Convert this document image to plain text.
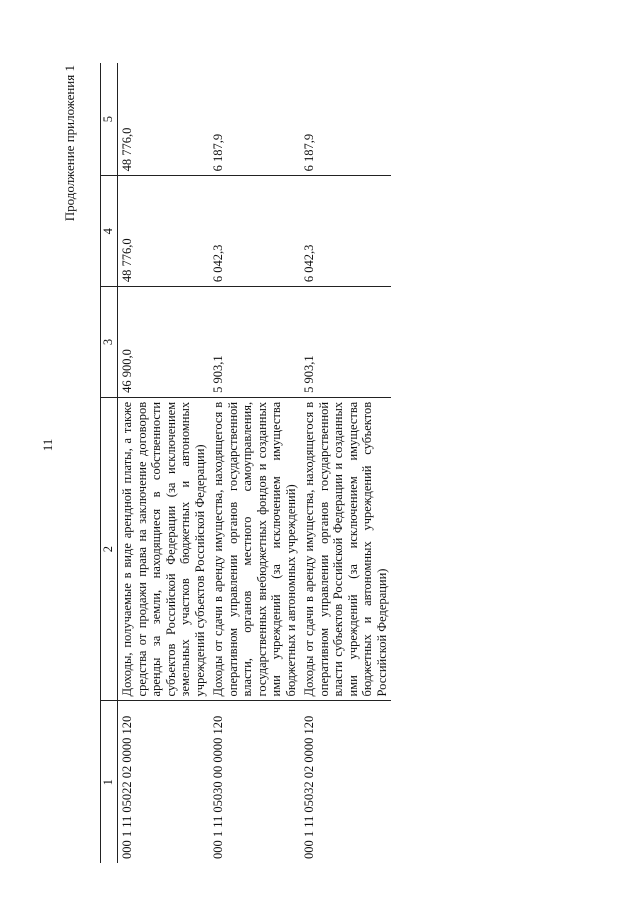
11
Продолжение приложения 1
1	2	3	4	5
000 1 11 05022 02 0000 120	Доходы, получаемые в виде арендной платы, а также средства от продажи права на заключение договоров аренды за земли, находящиеся в собственности субъектов Российской Федерации (за исключением земельных участков бюджетных и автономных учреждений субъектов Российской Федерации)	46 900,0	48 776,0	48 776,0
000 1 11 05030 00 0000 120	Доходы от сдачи в аренду имущества, находящегося в оперативном управлении органов государственной власти, органов местного самоуправления, государственных внебюджетных фондов и созданных ими учреждений (за исключением имущества бюджетных и автономных учреждений)	5 903,1	6 042,3	6 187,9
000 1 11 05032 02 0000 120	Доходы от сдачи в аренду имущества, находящегося в оперативном управлении органов государственной власти субъектов Российской Федерации и созданных ими учреждений (за исключением имущества бюджетных и автономных учреждений субъектов Российской Федерации)	5 903,1	6 042,3	6 187,9
